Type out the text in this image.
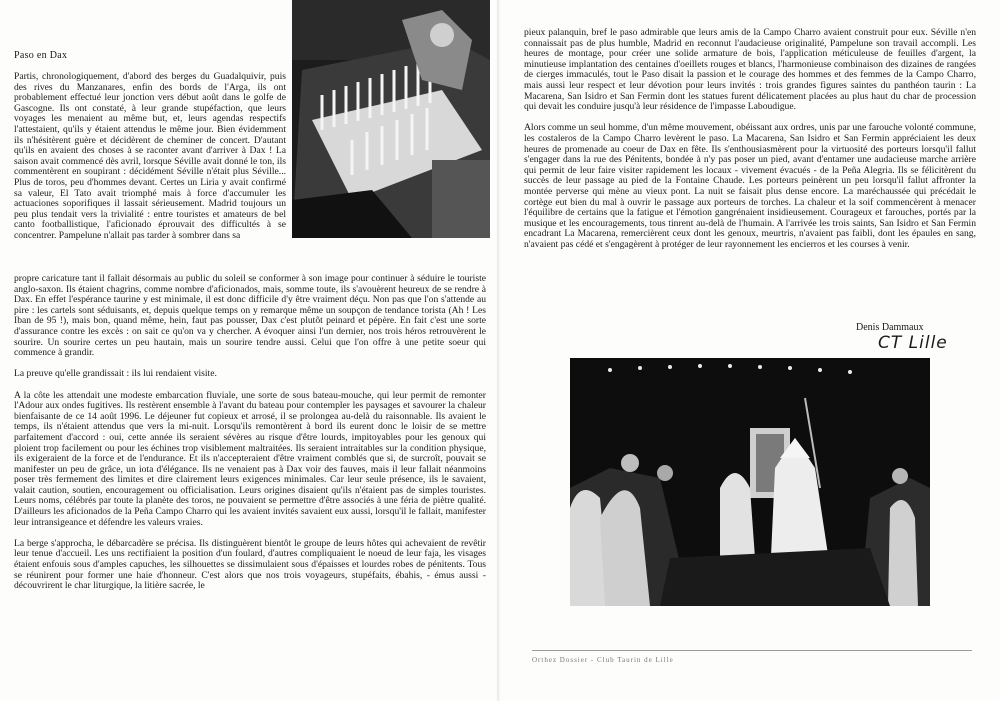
Paso en Dax

Partis, chronologiquement, d'abord des berges du Guadalquivir, puis des rives du Manzanares, enfin des bords de l'Arga, ils ont probablement effectué leur jonction vers début août dans le golfe de Gascogne. Ils ont constaté, à leur grande stupéfaction, que leurs voyages les menaient au même but, et, leurs agendas respectifs l'attestaient, qu'ils y étaient attendus le même jour. Bien évidemment ils n'hésitèrent guère et décidèrent de cheminer de concert. D'autant qu'ils en avaient des choses à se raconter avant d'arriver à Dax ! La saison avait commencé dès avril, lorsque Séville avait donné le ton, ils commentèrent en soupirant : décidément Séville n'était plus Séville... Plus de toros, peu d'hommes devant. Certes un Liria y avait confirmé sa valeur, El Tato avait triomphé mais à force d'accumuler les actuaciones soporifiques il lassait sérieusement. Madrid toujours un peu plus tendait vers la trivialité : entre touristes et amateurs de bel canto footballistique, l'aficionado éprouvait des difficultés à se concentrer. Pampelune n'allait pas tarder à sombrer dans sa

propre caricature tant il fallait désormais au public du soleil se conformer à son image pour continuer à séduire le touriste anglo-saxon. Ils étaient chagrins, comme nombre d'aficionados, mais, somme toute, ils s'avouèrent heureux de se rendre à Dax. En effet l'espérance taurine y est minimale, il est donc difficile d'y être vraiment déçu. Non pas que l'on s'attende au pire : les cartels sont séduisants, et, depuis quelque temps on y remarque même un soupçon de tendance torista (Ah ! Les Iban de 95 !), mais bon, quand même, hein, faut pas pousser, Dax c'est plutôt peinard et pépère. En fait c'est une sorte d'assurance contre les excès : on sait ce qu'on va y chercher. A évoquer ainsi l'un dernier, nos trois héros retrouvèrent le sourire. Un sourire certes un peu hautain, mais un sourire tendre aussi. Celui que l'on offre à une petite soeur qui commence à grandir.

La preuve qu'elle grandissait : ils lui rendaient visite.

A la côte les attendait une modeste embarcation fluviale, une sorte de sous bateau-mouche, qui leur permit de remonter l'Adour aux ondes fugitives. Ils restèrent ensemble à l'avant du bateau pour contempler les paysages et savourer la chaleur bienfaisante de ce 14 août 1996. Le déjeuner fut copieux et arrosé, il se prolongea au-delà du raisonnable. Ils avaient le temps, ils n'étaient attendus que vers la mi-nuit. Lorsqu'ils remontèrent à bord ils eurent donc le loisir de se mettre parfaitement d'accord : oui, cette année ils seraient sévères au risque d'être lourds, impitoyables pour les genoux qui ploient trop facilement ou pour les échines trop visiblement maltraitées. Ils seraient intraitables sur la condition physique, ils exigeraient de la force et de l'endurance. Et ils n'accepteraient d'être vraiment comblés que si, de surcroît, pouvait se manifester un peu de grâce, un iota d'élégance. Ils ne venaient pas à Dax voir des fauves, mais il leur fallait néanmoins poser très fermement des limites et dire clairement leurs exigences minimales. Car leur seule présence, ils le savaient, valait caution, soutien, encouragement ou officialisation. Leurs origines disaient qu'ils n'étaient pas de simples touristes. Leurs noms, célébrés par toute la planète des toros, ne pouvaient se permettre d'être associés à une féria de piètre qualité. D'ailleurs les aficionados de la Peña Campo Charro qui les avaient invités savaient eux aussi, lorsqu'il le fallait, manifester leur intransigeance et défendre les valeurs vraies.

La berge s'approcha, le débarcadère se précisa. Ils distinguèrent bientôt le groupe de leurs hôtes qui achevaient de revêtir leur tenue d'accueil. Les uns rectifiaient la position d'un foulard, d'autres compliquaient le noeud de leur faja, les visages étaient enfouis sous d'amples capuches, les silhouettes se dissimulaient sous d'épaisses et lourdes robes de pénitents. Tous se réunirent pour former une haie d'honneur. C'est alors que nos trois voyageurs, stupéfaits, ébahis, - émus aussi - découvrirent le char liturgique, la litière sacrée, le

pieux palanquin, bref le paso admirable que leurs amis de la Campo Charro avaient construit pour eux. Séville n'en connaissait pas de plus humble, Madrid en reconnut l'audacieuse originalité, Pampelune son travail accompli. Les heures de montage, pour créer une solide armature de bois, l'application méticuleuse de feuilles d'argent, la minutieuse implantation des centaines d'oeillets rouges et blancs, l'harmonieuse combinaison des dizaines de rangées de cierges immaculés, tout le Paso disait la passion et le courage des hommes et des femmes de la Campo Charro, mais aussi leur respect et leur dévotion pour leurs invités : trois grandes figures saintes du panthéon taurin : La Macarena, San Isidro et San Fermin dont les statues furent délicatement placées au plus haut du char de procession qui devait les conduire jusqu'à leur résidence de l'impasse Laboudigue.

Alors comme un seul homme, d'un même mouvement, obéissant aux ordres, unis par une farouche volonté commune, les costaleros de la Campo Charro levèrent le paso. La Macarena, San Isidro et San Fermin appréciaient les deux heures de promenade au coeur de Dax en fête. Ils s'enthousiasmèrent pour la virtuosité des porteurs lorsqu'il fallut s'engager dans la rue des Pénitents, bondée à n'y pas poser un pied, avant d'entamer une audacieuse marche arrière qui permit de leur faire visiter rapidement les locaux - vivement évacués - de la Peña Alegria. Ils se félicitèrent du succès de leur passage au pied de la Fontaine Chaude. Les porteurs peinèrent un peu lorsqu'il fallut affronter la montée perverse qui mène au vieux pont. La nuit se faisait plus dense encore. La maréchaussée qui précédait le cortège eut bien du mal à ouvrir le passage aux porteurs de torches. La chaleur et la soif commencèrent à menacer l'équilibre de certains que la fatigue et l'émotion gangrénaient insidieusement. Courageux et farouches, portés par la musique et les encouragements, tous tinrent au-delà de l'humain. A l'arrivée les trois saints, San Isidro et San Fermin encadrant La Macarena, remercièrent ceux dont les genoux, meurtris, n'avaient pas faibli, dont les épaules en sang, n'avaient pas cédé et s'engagèrent à protéger de leur rayonnement les encierros et les courses à venir.

Denis Dammaux
CT Lille
Orthez Dossier - Club Taurin de Lille
